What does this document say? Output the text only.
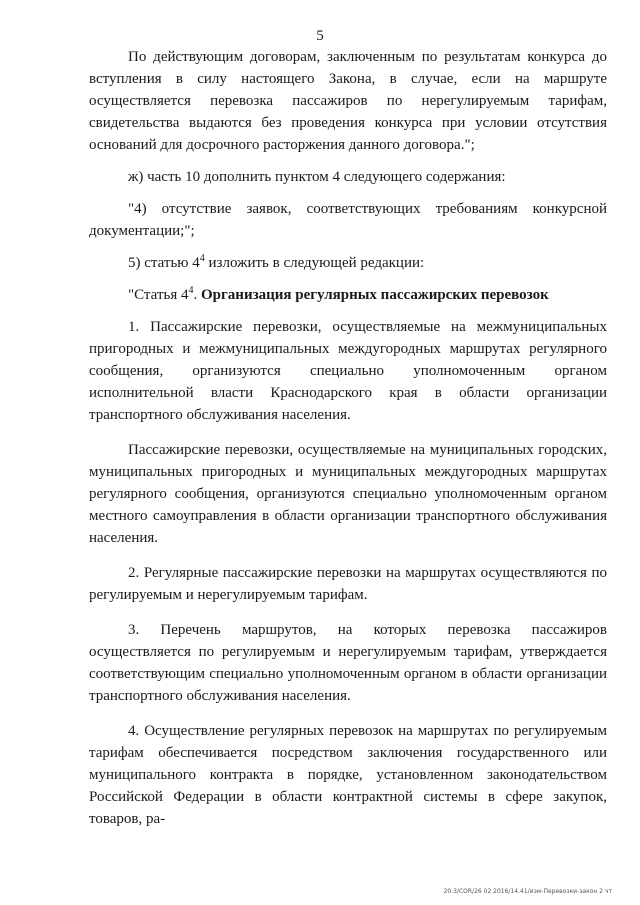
5

По действующим договорам, заключенным по результатам конкурса до вступления в силу настоящего Закона, в случае, если на маршруте осуществляется перевозка пассажиров по нерегулируемым тарифам, свидетельства выдаются без проведения конкурса при условии отсутствия оснований для досрочного расторжения данного договора.";

ж) часть 10 дополнить пунктом 4 следующего содержания:

"4) отсутствие заявок, соответствующих требованиям конкурсной документации;";

5) статью $4^4$ изложить в следующей редакции:

"Статья $4^4$. Организация регулярных пассажирских перевозок

1. Пассажирские перевозки, осуществляемые на межмуниципальных пригородных и межмуниципальных междугородных маршрутах регулярного сообщения, организуются специально уполномоченным органом исполнительной власти Краснодарского края в области организации транспортного обслуживания населения.

Пассажирские перевозки, осуществляемые на муниципальных городских, муниципальных пригородных и муниципальных междугородных маршрутах регулярного сообщения, организуются специально уполномоченным органом местного самоуправления в области организации транспортного обслуживания населения.

2. Регулярные пассажирские перевозки на маршрутах осуществляются по регулируемым и нерегулируемым тарифам.

3. Перечень маршрутов, на которых перевозка пассажиров осуществляется по регулируемым и нерегулируемым тарифам, утверждается соответствующим специально уполномоченным органом в области организации транспортного обслуживания населения.

4. Осуществление регулярных перевозок на маршрутах по регулируемым тарифам обеспечивается посредством заключения государственного или муниципального контракта в порядке, установленном законодательством Российской Федерации в области контрактной системы в сфере закупок, товаров, ра-

20.3/CОR/26 02 2016/14.41/изм-Перевозки-закон 2 чт
